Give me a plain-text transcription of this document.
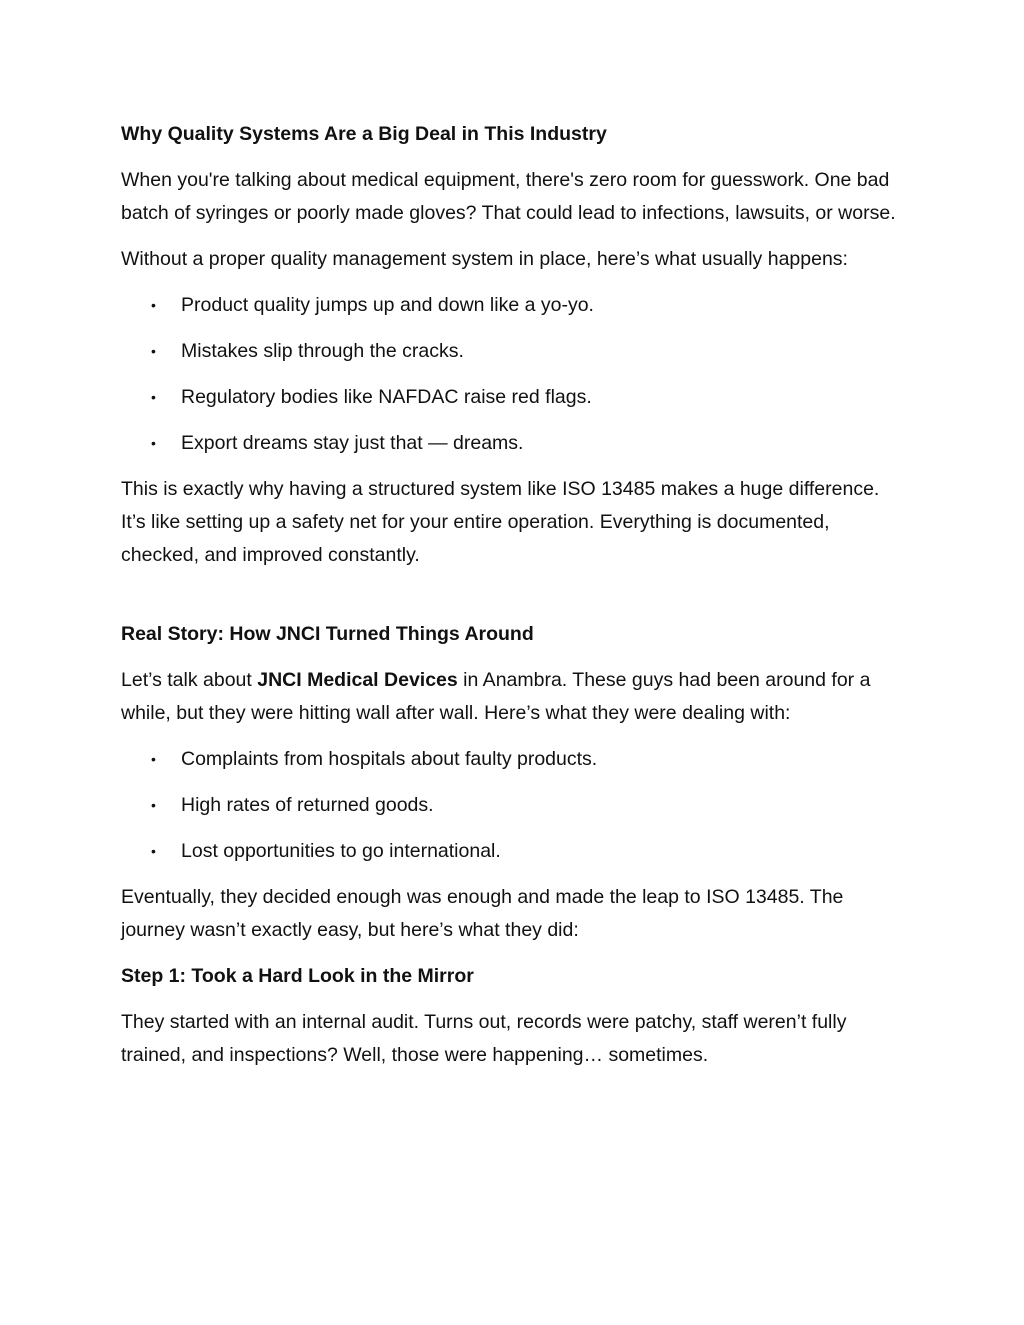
Why Quality Systems Are a Big Deal in This Industry

When you're talking about medical equipment, there's zero room for guesswork. One bad batch of syringes or poorly made gloves? That could lead to infections, lawsuits, or worse.

Without a proper quality management system in place, here’s what usually happens:

• Product quality jumps up and down like a yo-yo.
• Mistakes slip through the cracks.
• Regulatory bodies like NAFDAC raise red flags.
• Export dreams stay just that — dreams.

This is exactly why having a structured system like ISO 13485 makes a huge difference. It’s like setting up a safety net for your entire operation. Everything is documented, checked, and improved constantly.

Real Story: How JNCI Turned Things Around

Let’s talk about JNCI Medical Devices in Anambra. These guys had been around for a while, but they were hitting wall after wall. Here’s what they were dealing with:

• Complaints from hospitals about faulty products.
• High rates of returned goods.
• Lost opportunities to go international.

Eventually, they decided enough was enough and made the leap to ISO 13485. The journey wasn’t exactly easy, but here’s what they did:

Step 1: Took a Hard Look in the Mirror

They started with an internal audit. Turns out, records were patchy, staff weren’t fully trained, and inspections? Well, those were happening… sometimes.
